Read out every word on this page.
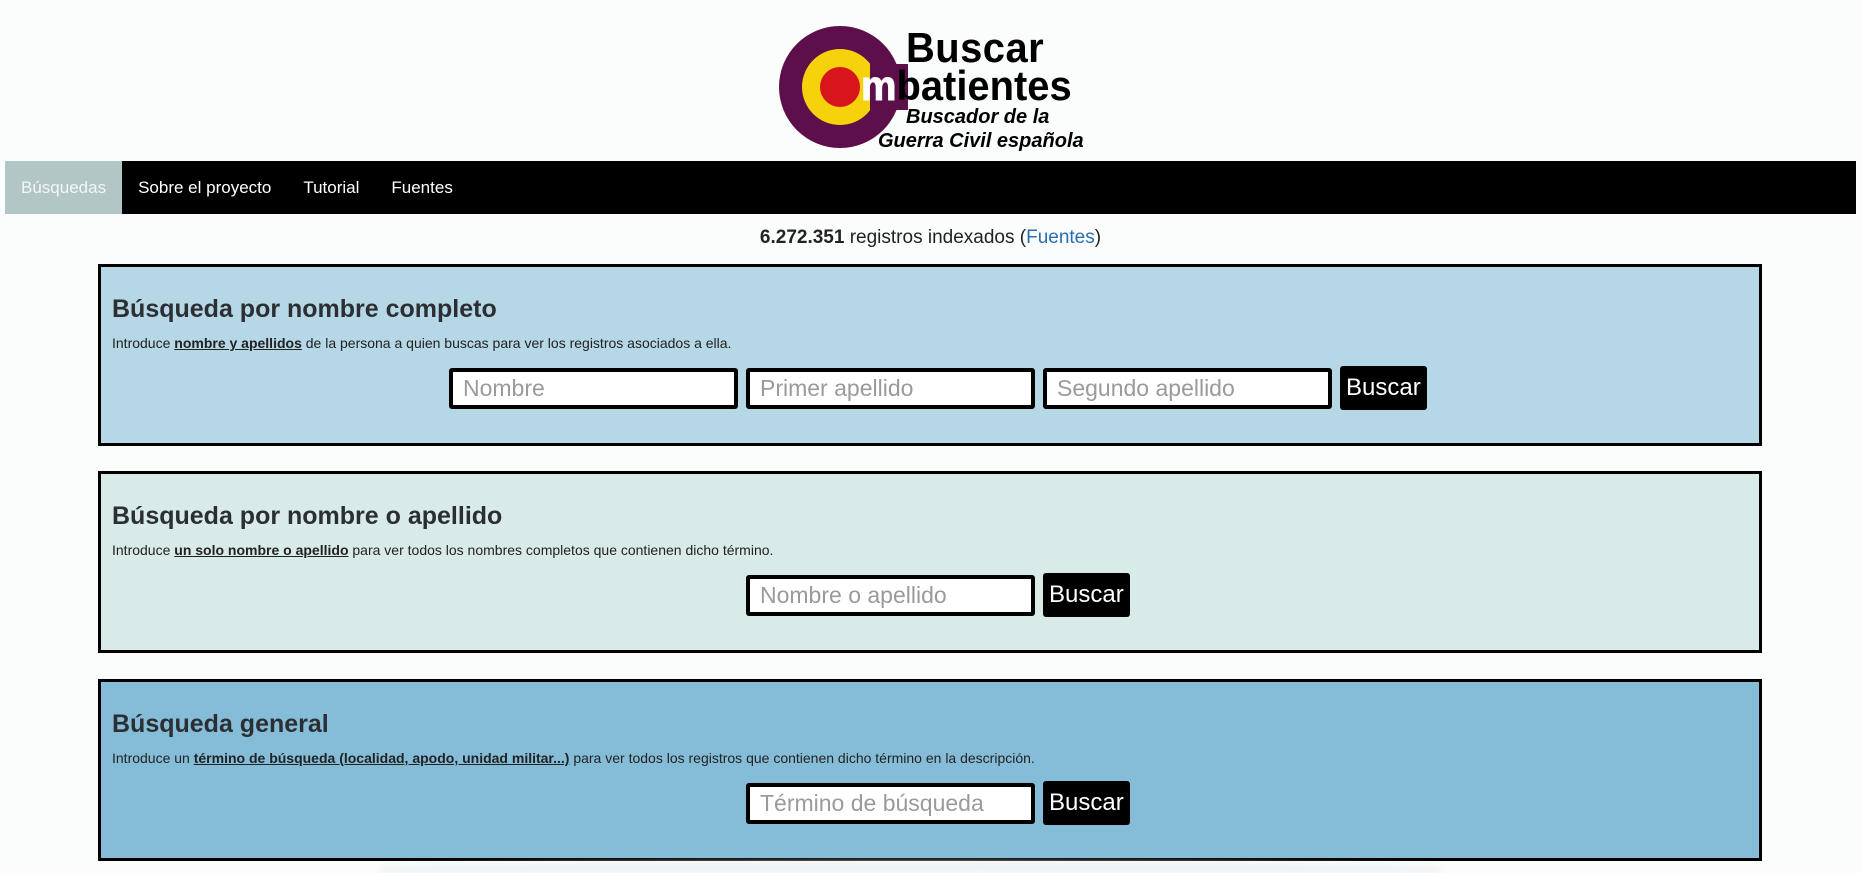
Buscar
mbatientes
Buscador de la
Guerra Civil española
Búsquedas	Sobre el proyecto	Tutorial	Fuentes
6.272.351 registros indexados (Fuentes)
Búsqueda por nombre completo

Introduce nombre y apellidos de la persona a quien buscas para ver los registros asociados a ella.

Nombre
Primer apellido
Segundo apellido
Buscar
Búsqueda por nombre o apellido

Introduce un solo nombre o apellido para ver todos los nombres completos que contienen dicho término.

Nombre o apellido
Buscar
Búsqueda general

Introduce un término de búsqueda (localidad, apodo, unidad militar...) para ver todos los registros que contienen dicho término en la descripción.

Término de búsqueda
Buscar
